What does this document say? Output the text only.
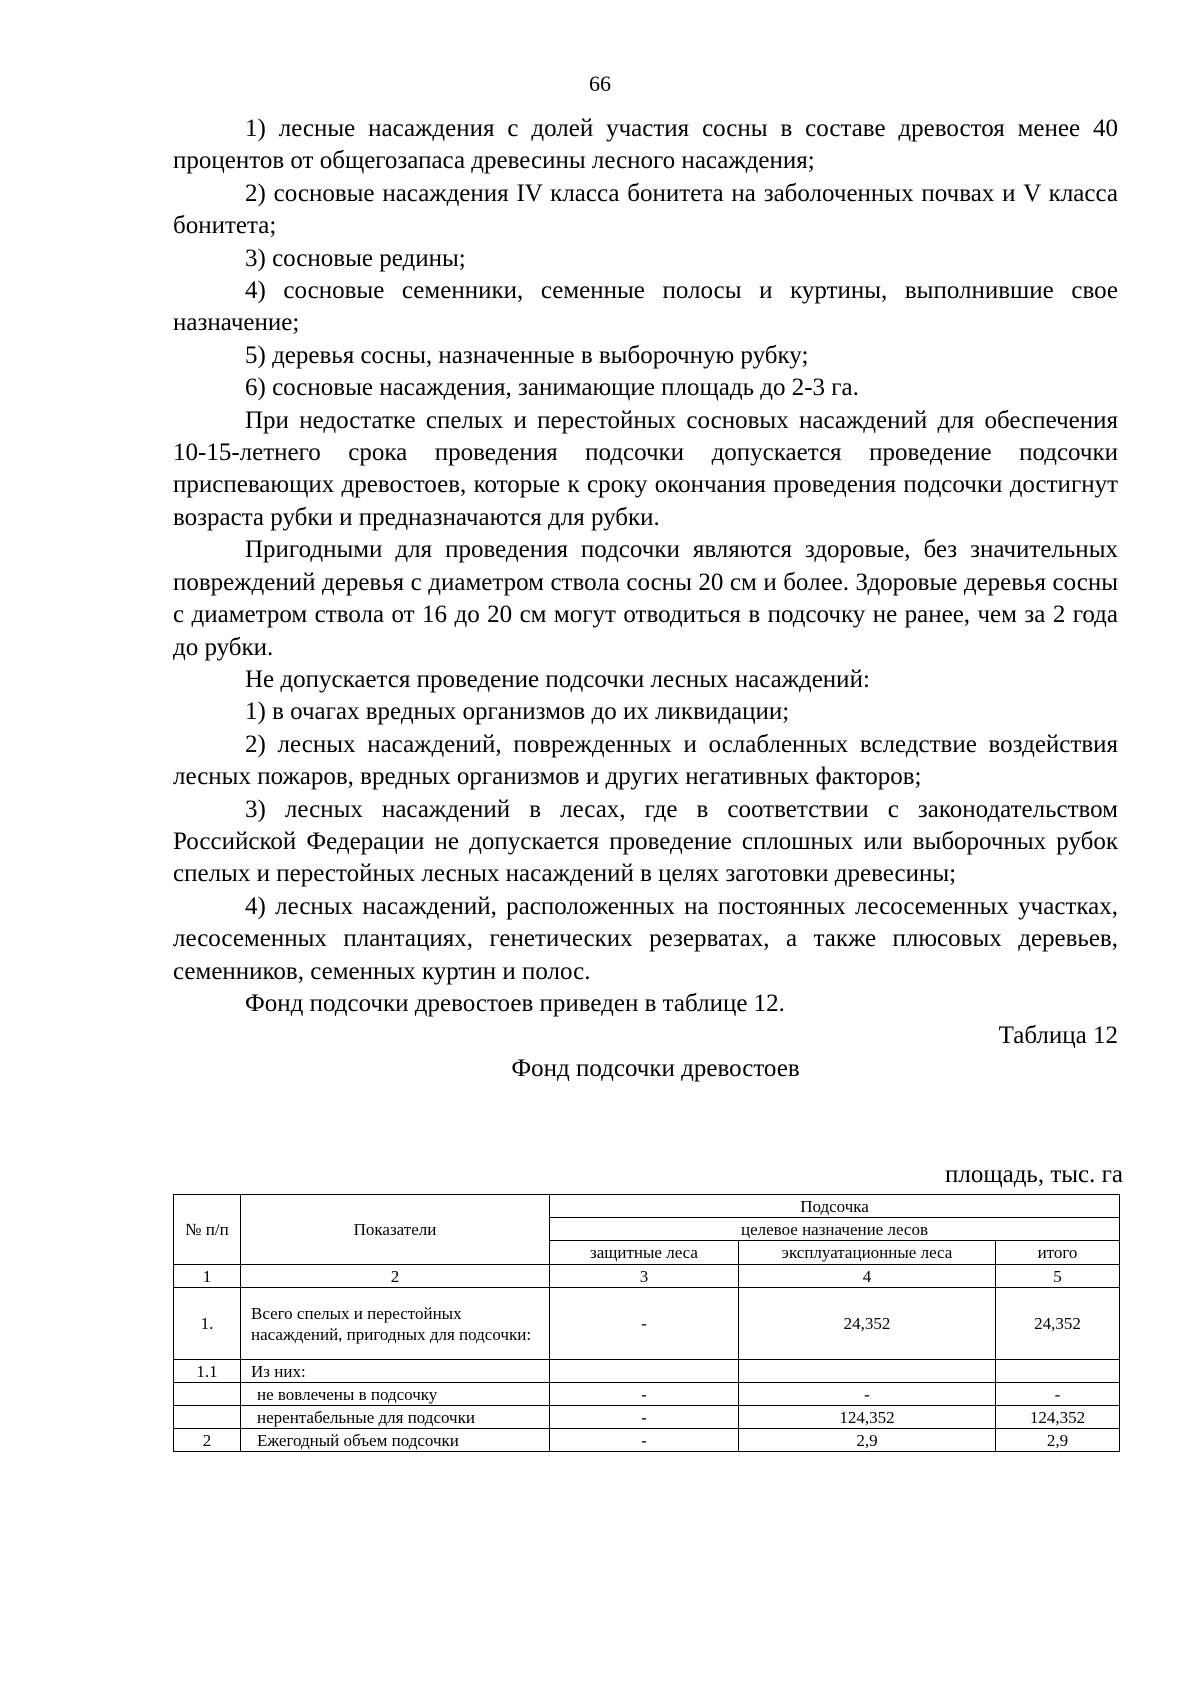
66

1) лесные насаждения с долей участия сосны в составе древостоя менее 40 процентов от общегозапаса древесины лесного насаждения;

2) сосновые насаждения IV класса бонитета на заболоченных почвах и V класса бонитета;

3) сосновые редины;

4) сосновые семенники, семенные полосы и куртины, выполнившие свое назначение;

5) деревья сосны, назначенные в выборочную рубку;

6) сосновые насаждения, занимающие площадь до 2-3 га.

При недостатке спелых и перестойных сосновых насаждений для обеспечения 10-15-летнего срока проведения подсочки допускается проведение подсочки приспевающих древостоев, которые к сроку окончания проведения подсочки достигнут возраста рубки и предназначаются для рубки.

Пригодными для проведения подсочки являются здоровые, без значительных повреждений деревья с диаметром ствола сосны 20 см и более. Здоровые деревья сосны с диаметром ствола от 16 до 20 см могут отводиться в подсочку не ранее, чем за 2 года до рубки.

Не допускается проведение подсочки лесных насаждений:

1) в очагах вредных организмов до их ликвидации;

2) лесных насаждений, поврежденных и ослабленных вследствие воздействия лесных пожаров, вредных организмов и других негативных факторов;

3) лесных насаждений в лесах, где в соответствии с законодательством Российской Федерации не допускается проведение сплошных или выборочных рубок спелых и перестойных лесных насаждений в целях заготовки древесины;

4) лесных насаждений, расположенных на постоянных лесосеменных участках, лесосеменных плантациях, генетических резерватах, а также плюсовых деревьев, семенников, семенных куртин и полос.

Фонд подсочки древостоев приведен в таблице 12.

Таблица 12

Фонд подсочки древостоев

площадь, тыс. га
№ п/п	Показатели	Подсочка		
		целевое назначение лесов		
		защитные леса	эксплуатационные леса	итого
1	2	3	4	5
1.	Всего спелых и перестойных насаждений, пригодных для подсочки:	-	24,352	24,352
1.1	Из них:			
	не вовлечены в подсочку	-	-	-
	нерентабельные для подсочки	-	124,352	124,352
2	Ежегодный объем подсочки	-	2,9	2,9
